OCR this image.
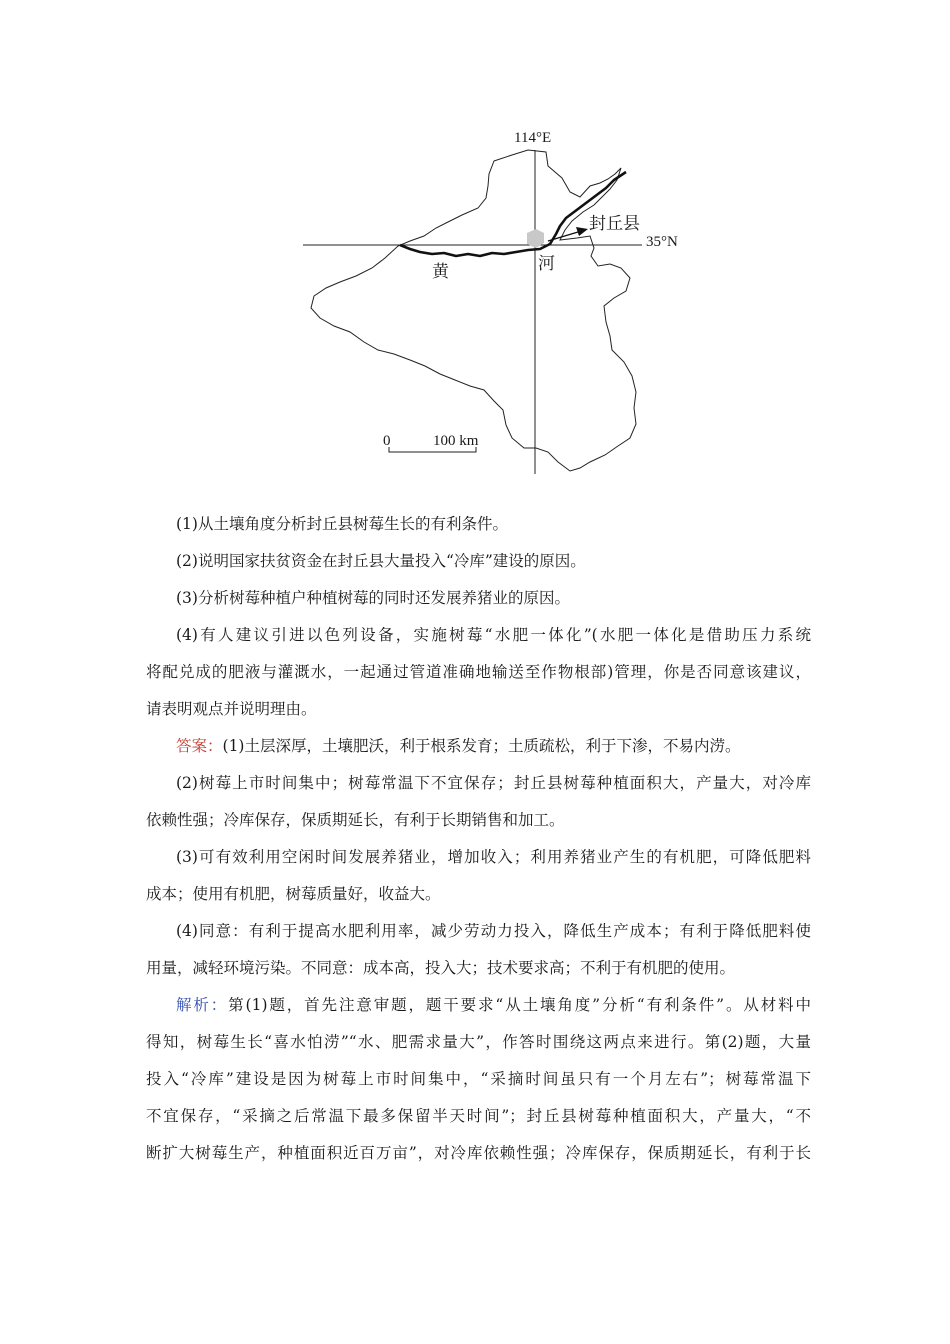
114°E
封丘县
35°N
黄	河
0	100 km
(1)从土壤角度分析封丘县树莓生长的有利条件。
(2)说明国家扶贫资金在封丘县大量投入“冷库”建设的原因。
(3)分析树莓种植户种植树莓的同时还发展养猪业的原因。
(4)有人建议引进以色列设备，实施树莓“水肥一体化”(水肥一体化是借助压力系统
将配兑成的肥液与灌溉水，一起通过管道准确地输送至作物根部)管理，你是否同意该建议，
请表明观点并说明理由。
答案：(1)土层深厚，土壤肥沃，利于根系发育；土质疏松，利于下渗，不易内涝。
(2)树莓上市时间集中；树莓常温下不宜保存；封丘县树莓种植面积大，产量大，对冷库
依赖性强；冷库保存，保质期延长，有利于长期销售和加工。
(3)可有效利用空闲时间发展养猪业，增加收入；利用养猪业产生的有机肥，可降低肥料
成本；使用有机肥，树莓质量好，收益大。
(4)同意：有利于提高水肥利用率，减少劳动力投入，降低生产成本；有利于降低肥料使
用量，减轻环境污染。不同意：成本高，投入大；技术要求高；不利于有机肥的使用。
解析：第(1)题，首先注意审题，题干要求“从土壤角度”分析“有利条件”。从材料中
得知，树莓生长“喜水怕涝”“水、肥需求量大”，作答时围绕这两点来进行。第(2)题，大量
投入“冷库”建设是因为树莓上市时间集中，“采摘时间虽只有一个月左右”；树莓常温下
不宜保存，“采摘之后常温下最多保留半天时间”；封丘县树莓种植面积大，产量大，“不
断扩大树莓生产，种植面积近百万亩”，对冷库依赖性强；冷库保存，保质期延长，有利于长
